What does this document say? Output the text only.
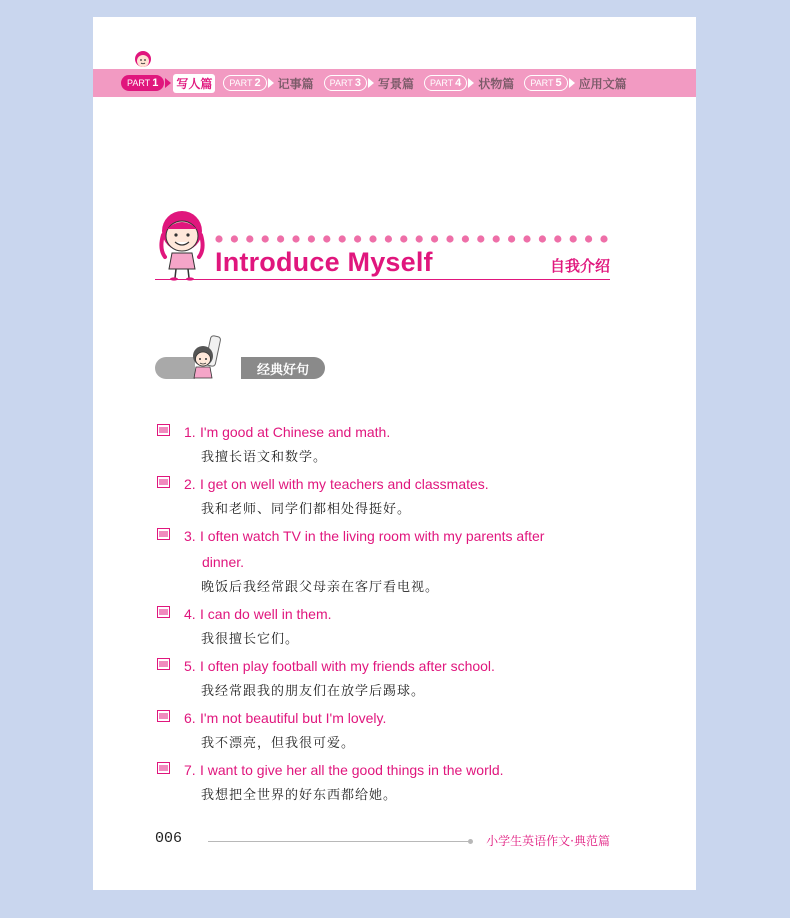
PART 1 写人篇	PART 2 记事篇 PART 3 写景篇 PART 4 状物篇 PART 5 应用文篇
Introduce Myself	自我介绍
经典好句
1. I'm good at Chinese and math.
我擅长语文和数学。
2. I get on well with my teachers and classmates.
我和老师、同学们都相处得挺好。
3. I often watch TV in the living room with my parents after
dinner.
晚饭后我经常跟父母亲在客厅看电视。
4. I can do well in them.
我很擅长它们。
5. I often play football with my friends after school.
我经常跟我的朋友们在放学后踢球。
6. I'm not beautiful but I'm lovely.
我不漂亮，但我很可爱。
7. I want to give her all the good things in the world.
我想把全世界的好东西都给她。
006	小学生英语作文·典范篇
